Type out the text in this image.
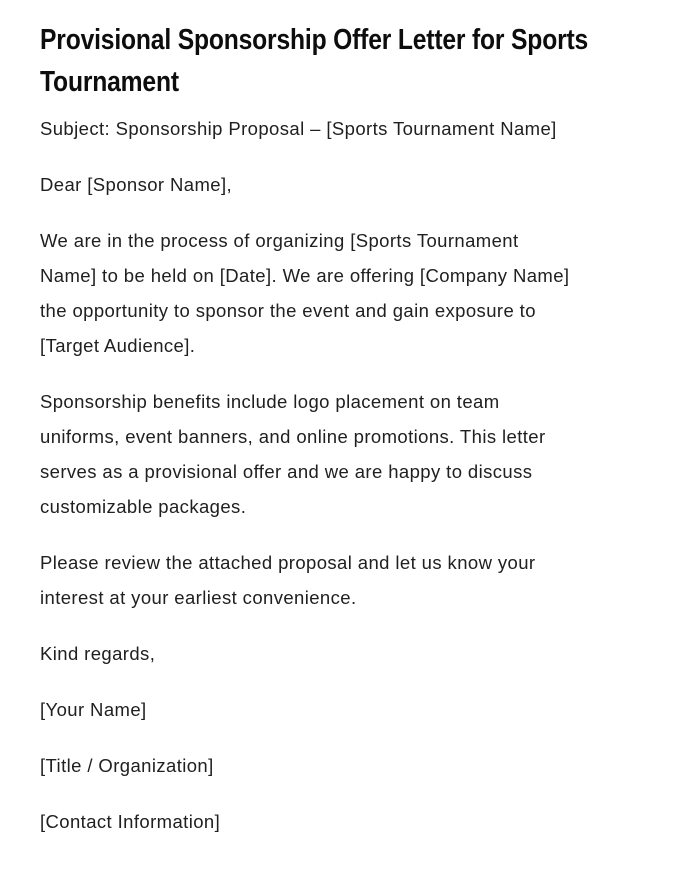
Provisional Sponsorship Offer Letter for Sports
Tournament
Subject: Sponsorship Proposal – [Sports Tournament Name]
Dear [Sponsor Name],
We are in the process of organizing [Sports Tournament
Name] to be held on [Date]. We are offering [Company Name]
the opportunity to sponsor the event and gain exposure to
[Target Audience].
Sponsorship benefits include logo placement on team
uniforms, event banners, and online promotions. This letter
serves as a provisional offer and we are happy to discuss
customizable packages.
Please review the attached proposal and let us know your
interest at your earliest convenience.
Kind regards,
[Your Name]
[Title / Organization]
[Contact Information]
